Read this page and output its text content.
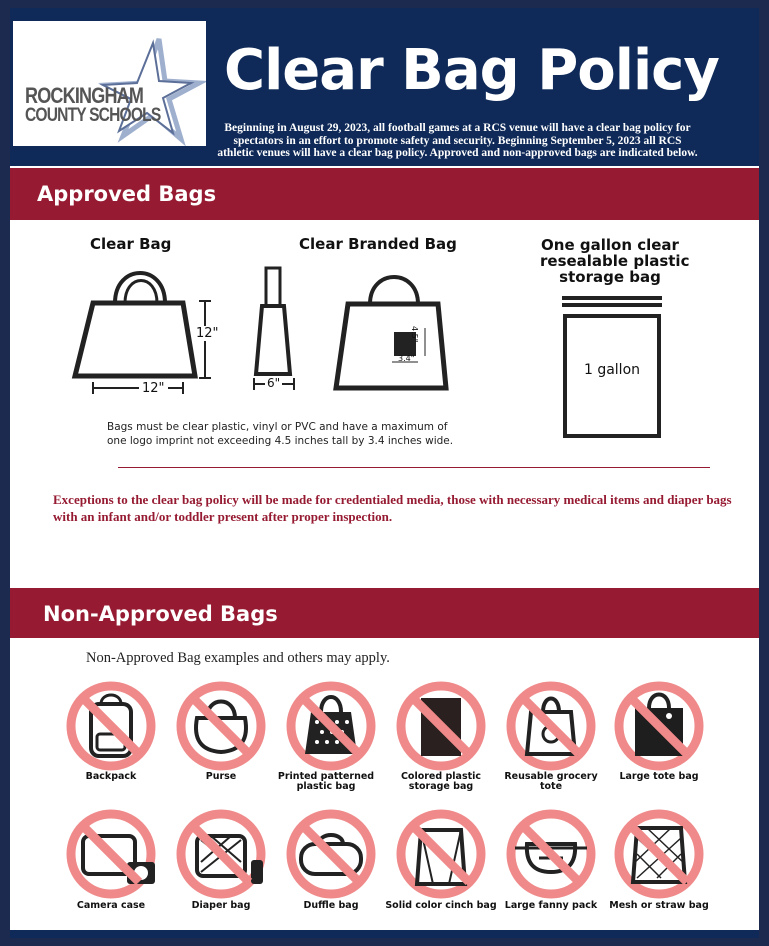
ROCKINGHAM
COUNTY SCHOOLS
Clear Bag Policy
Beginning in August 29, 2023, all football games at a RCS venue will have a clear bag policy for spectators in an effort to promote safety and security. Beginning September 5, 2023 all RCS athletic venues will have a clear bag policy. Approved and non-approved bags are indicated below.
Approved Bags
Clear Bag	Clear Branded Bag	One gallon clear
resealable plastic
storage bag
12"
12"	6"
4.5"
3.4"
1 gallon
Bags must be clear plastic, vinyl or PVC and have a maximum of one logo imprint not exceeding 4.5 inches tall by 3.4 inches wide.
Exceptions to the clear bag policy will be made for credentialed media, those with necessary medical items and diaper bags with an infant and/or toddler present after proper inspection.
Non-Approved Bags
Non-Approved Bag examples and others may apply.
Backpack	Purse	Printed patterned plastic bag
Colored plastic storage bag
Reusable grocery tote
Large tote bag
Camera case	Diaper bag	Duffle bag	Solid color cinch bag Large fanny pack	Mesh or straw bag
